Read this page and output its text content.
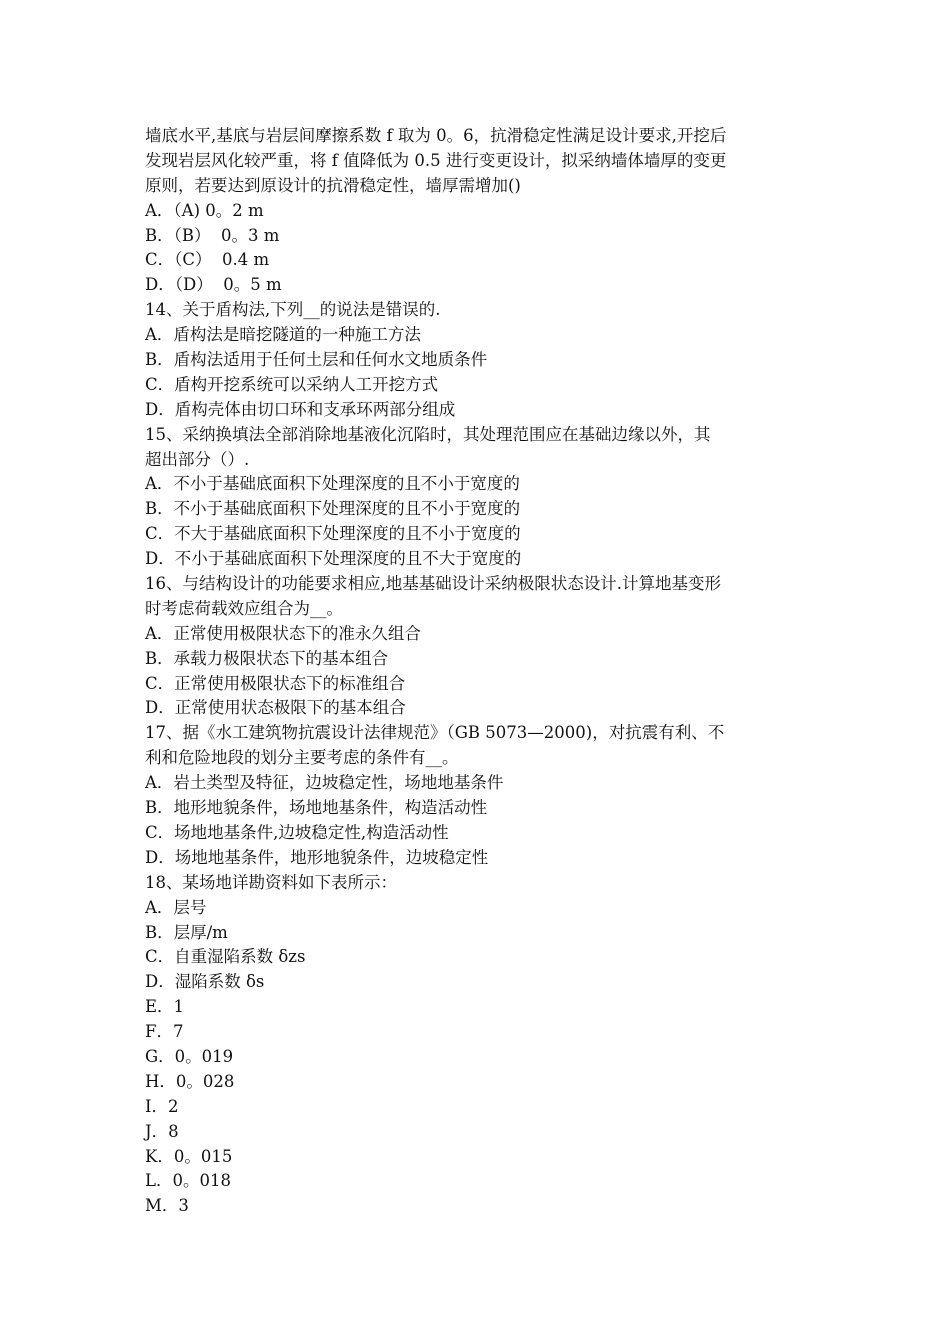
墙底水平,基底与岩层间摩擦系数 f 取为 0。6，抗滑稳定性满足设计要求,开挖后
发现岩层风化较严重，将 f 值降低为 0.5 进行变更设计，拟采纳墙体墙厚的变更
原则，若要达到原设计的抗滑稳定性，墙厚需增加()
A．（A) 0。2 m
B．（B）  0。3 m
C．（C）  0.4 m
D．（D）  0。5 m
14、关于盾构法,下列__的说法是错误的.
A．盾构法是暗挖隧道的一种施工方法
B．盾构法适用于任何土层和任何水文地质条件
C．盾构开挖系统可以采纳人工开挖方式
D．盾构壳体由切口环和支承环两部分组成
15、采纳换填法全部消除地基液化沉陷时，其处理范围应在基础边缘以外，其
超出部分（）.
A．不小于基础底面积下处理深度的且不小于宽度的
B．不小于基础底面积下处理深度的且不小于宽度的
C．不大于基础底面积下处理深度的且不小于宽度的
D．不小于基础底面积下处理深度的且不大于宽度的
16、与结构设计的功能要求相应,地基基础设计采纳极限状态设计.计算地基变形
时考虑荷载效应组合为__。
A．正常使用极限状态下的准永久组合
B．承载力极限状态下的基本组合
C．正常使用极限状态下的标准组合
D．正常使用状态极限下的基本组合
17、据《水工建筑物抗震设计法律规范》（GB 5073—2000)，对抗震有利、不
利和危险地段的划分主要考虑的条件有__。
A．岩土类型及特征，边坡稳定性，场地地基条件
B．地形地貌条件，场地地基条件，构造活动性
C．场地地基条件,边坡稳定性,构造活动性
D．场地地基条件，地形地貌条件，边坡稳定性
18、某场地详勘资料如下表所示：
A．层号
B．层厚/m
C．自重湿陷系数 δzs
D．湿陷系数 δs
E．1
F．7
G．0。019
H．0。028
I．2
J．8
K．0。015
L．0。018
M．3
